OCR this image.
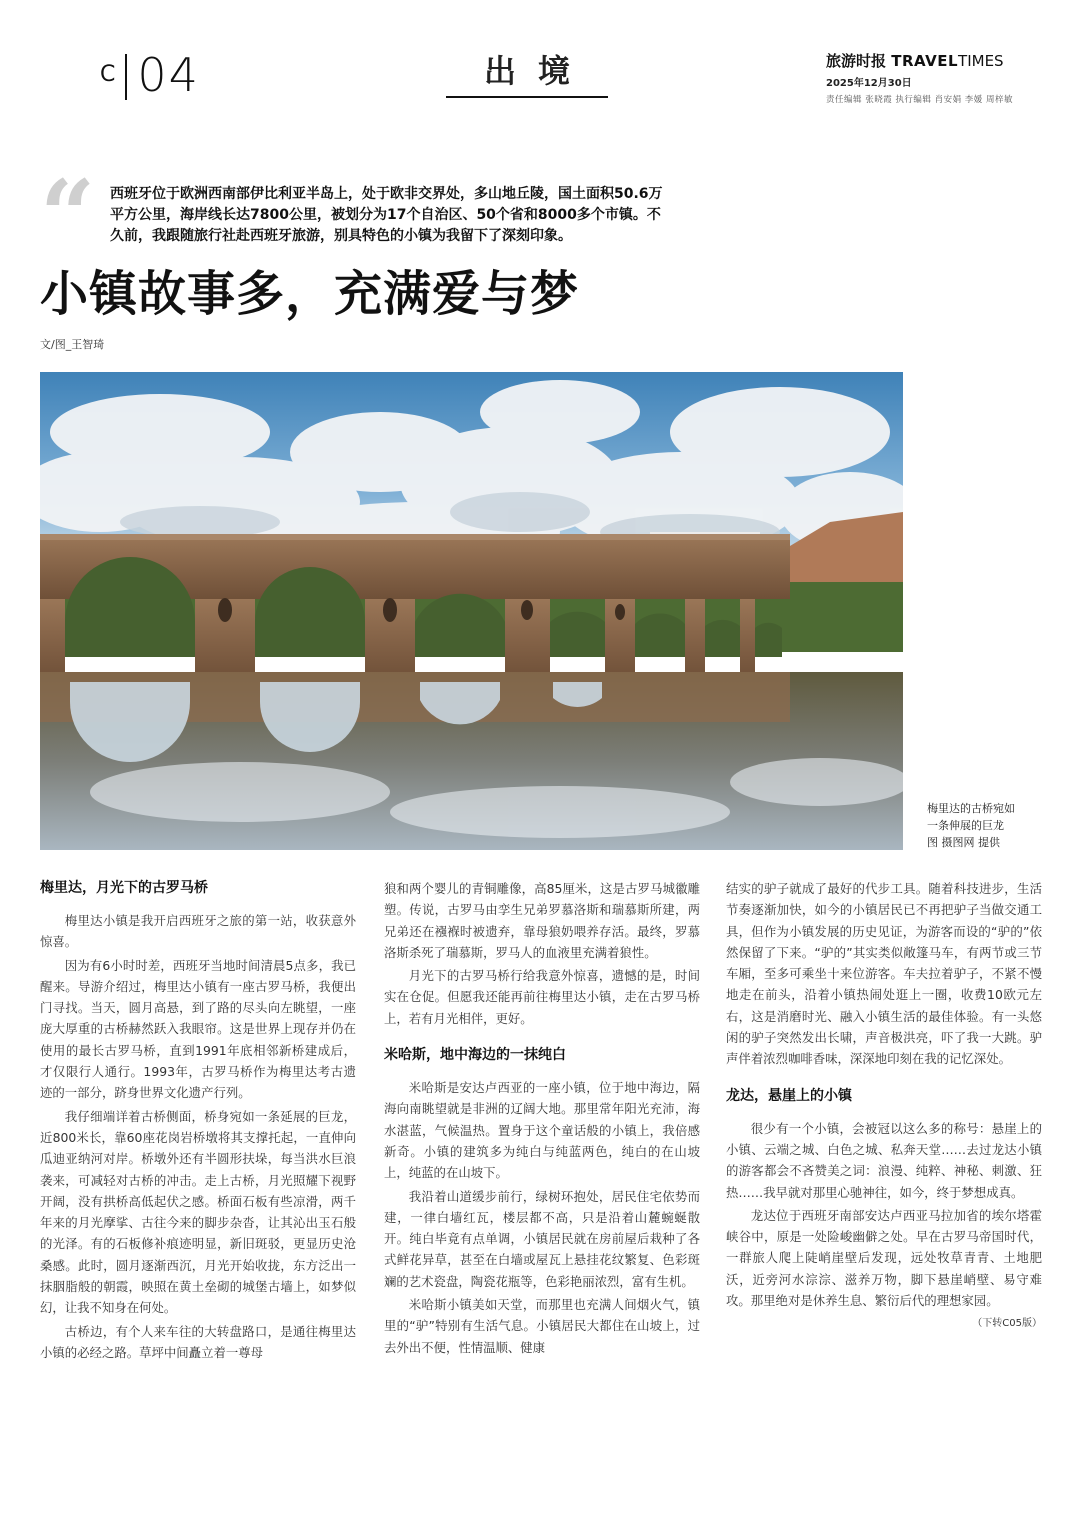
C 04	出境	旅游时报 TRAVELTIMES
2025年12月30日
责任编辑 张晓霞 执行编辑 肖安娟 李媛 周梓敏
“ 西班牙位于欧洲西南部伊比利亚半岛上，处于欧非交界处，多山地丘陵，国土面积50.6万平方公里，海岸线长达7800公里，被划分为17个自治区、50个省和8000多个市镇。不久前，我跟随旅行社赴西班牙旅游，别具特色的小镇为我留下了深刻印象。
小镇故事多，充满爱与梦
文/图_王智琦
梅里达的古桥宛如
一条伸展的巨龙
图 摄图网 提供
梅里达，月光下的古罗马桥

梅里达小镇是我开启西班牙之旅的第一站，收获意外惊喜。

因为有6小时时差，西班牙当地时间清晨5点多，我已醒来。导游介绍过，梅里达小镇有一座古罗马桥，我便出门寻找。当天，圆月高悬，到了路的尽头向左眺望，一座庞大厚重的古桥赫然跃入我眼帘。这是世界上现存并仍在使用的最长古罗马桥，直到1991年底相邻新桥建成后，才仅限行人通行。1993年，古罗马桥作为梅里达考古遗迹的一部分，跻身世界文化遗产行列。

我仔细端详着古桥侧面，桥身宛如一条延展的巨龙，近800米长，靠60座花岗岩桥墩将其支撑托起，一直伸向瓜迪亚纳河对岸。桥墩外还有半圆形扶垛，每当洪水巨浪袭来，可减轻对古桥的冲击。走上古桥，月光照耀下视野开阔，没有拱桥高低起伏之感。桥面石板有些凉滑，两千年来的月光摩挲、古往今来的脚步杂沓，让其沁出玉石般的光泽。有的石板修补痕迹明显，新旧斑驳，更显历史沧桑感。此时，圆月逐渐西沉，月光开始收拢，东方泛出一抹胭脂般的朝霞，映照在黄土垒砌的城堡古墙上，如梦似幻，让我不知身在何处。

古桥边，有个人来车往的大转盘路口，是通往梅里达小镇的必经之路。草坪中间矗立着一尊母

狼和两个婴儿的青铜雕像，高85厘米，这是古罗马城徽雕塑。传说，古罗马由孪生兄弟罗慕洛斯和瑞慕斯所建，两兄弟还在襁褓时被遗弃，靠母狼奶喂养存活。最终，罗慕洛斯杀死了瑞慕斯，罗马人的血液里充满着狼性。

月光下的古罗马桥行给我意外惊喜，遗憾的是，时间实在仓促。但愿我还能再前往梅里达小镇，走在古罗马桥上，若有月光相伴，更好。

米哈斯，地中海边的一抹纯白

米哈斯是安达卢西亚的一座小镇，位于地中海边，隔海向南眺望就是非洲的辽阔大地。那里常年阳光充沛，海水湛蓝，气候温热。置身于这个童话般的小镇上，我倍感新奇。小镇的建筑多为纯白与纯蓝两色，纯白的在山坡上，纯蓝的在山坡下。

我沿着山道缓步前行，绿树环抱处，居民住宅依势而建，一律白墙红瓦，楼层都不高，只是沿着山麓蜿蜒散开。纯白毕竟有点单调，小镇居民就在房前屋后栽种了各式鲜花异草，甚至在白墙或屋瓦上悬挂花纹繁复、色彩斑斓的艺术瓷盘，陶瓷花瓶等，色彩艳丽浓烈，富有生机。

米哈斯小镇美如天堂，而那里也充满人间烟火气，镇里的“驴”特别有生活气息。小镇居民大都住在山坡上，过去外出不便，性情温顺、健康

结实的驴子就成了最好的代步工具。随着科技进步，生活节奏逐渐加快，如今的小镇居民已不再把驴子当做交通工具，但作为小镇发展的历史见证，为游客而设的“驴的”依然保留了下来。“驴的”其实类似敞篷马车，有两节或三节车厢，至多可乘坐十来位游客。车夫拉着驴子，不紧不慢地走在前头，沿着小镇热闹处逛上一圈，收费10欧元左右，这是消磨时光、融入小镇生活的最佳体验。有一头悠闲的驴子突然发出长啸，声音极洪亮，吓了我一大跳。驴声伴着浓烈咖啡香味，深深地印刻在我的记忆深处。

龙达，悬崖上的小镇

很少有一个小镇，会被冠以这么多的称号：悬崖上的小镇、云端之城、白色之城、私奔天堂……去过龙达小镇的游客都会不吝赞美之词：浪漫、纯粹、神秘、刺激、狂热……我早就对那里心驰神往，如今，终于梦想成真。

龙达位于西班牙南部安达卢西亚马拉加省的埃尔塔霍峡谷中，原是一处险峻幽僻之处。早在古罗马帝国时代，一群旅人爬上陡峭崖壁后发现，远处牧草青青、土地肥沃，近旁河水淙淙、滋养万物，脚下悬崖峭壁、易守难攻。那里绝对是休养生息、繁衍后代的理想家园。

（下转C05版）
